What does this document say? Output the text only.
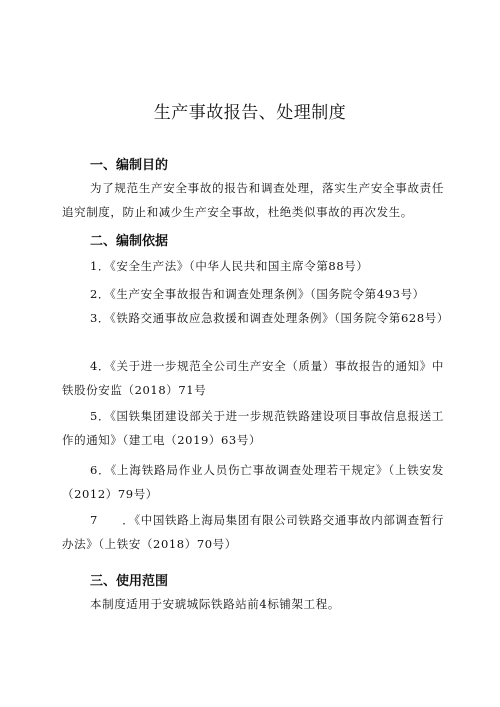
生产事故报告、处理制度
一、编制目的
为了规范生产安全事故的报告和调查处理，落实生产安全事故责任追究制度，防止和减少生产安全事故，杜绝类似事故的再次发生。
二、编制依据
1．《安全生产法》（中华人民共和国主席令第88号）
2．《生产安全事故报告和调查处理条例》（国务院令第493号）
3．《铁路交通事故应急救援和调查处理条例》（国务院令第628号）
4．《关于进一步规范全公司生产安全（质量）事故报告的通知》中铁股份安监（2018）71号
5．《国铁集团建设部关于进一步规范铁路建设项目事故信息报送工作的通知》（建工电（2019）63号）
6．《上海铁路局作业人员伤亡事故调查处理若干规定》（上铁安发（2012）79号）
7　　．《中国铁路上海局集团有限公司铁路交通事故内部调查暂行办法》（上铁安（2018）70号）
三、使用范围
本制度适用于安琥城际铁路站前4标铺架工程。
